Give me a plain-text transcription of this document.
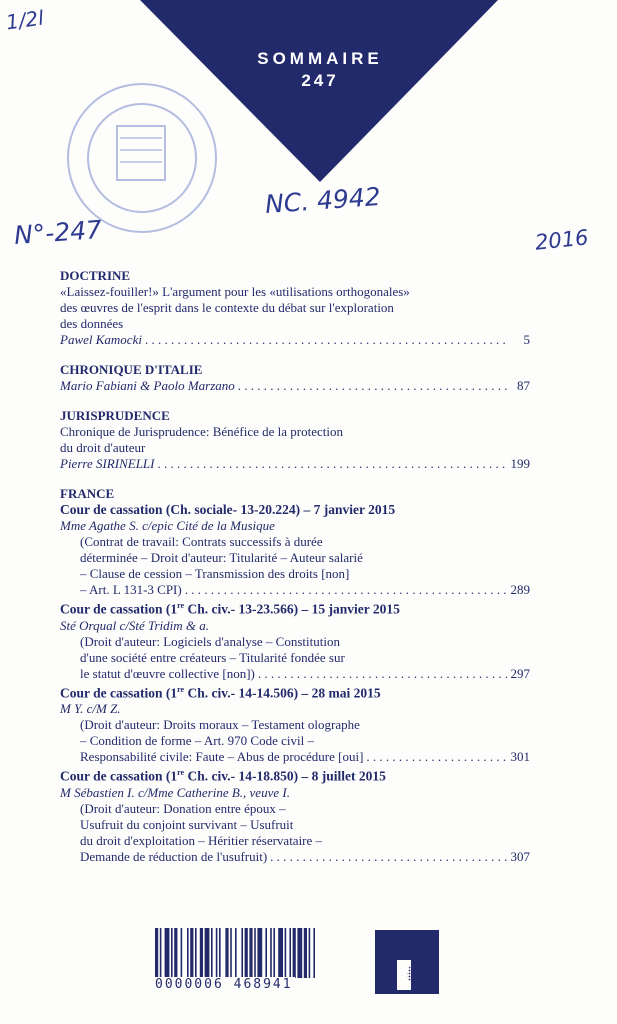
SOMMAIRE
247
1/2l
N°-247
NC. 4942
2016
DOCTRINE
«Laissez-fouiller!» L'argument pour les «utilisations orthogonales»
des œuvres de l'esprit dans le contexte du débat sur l'exploration
des données
Pawel Kamocki . . .	5
CHRONIQUE D'ITALIE
Mario Fabiani & Paolo Marzano . . .	87
JURISPRUDENCE
Chronique de Jurisprudence: Bénéfice de la protection
du droit d'auteur
Pierre SIRINELLI . . .	199
FRANCE
Cour de cassation (Ch. sociale- 13-20.224) – 7 janvier 2015
Mme Agathe S. c/epic Cité de la Musique
(Contrat de travail: Contrats successifs à durée
déterminée – Droit d'auteur: Titularité – Auteur salarié
– Clause de cession – Transmission des droits [non]
– Art. L 131-3 CPI) . . .	289
Cour de cassation (1re Ch. civ.- 13-23.566) – 15 janvier 2015
Sté Orqual c/Sté Tridim & a.
(Droit d'auteur: Logiciels d'analyse – Constitution
d'une société entre créateurs – Titularité fondée sur
le statut d'œuvre collective [non]) . . .	297
Cour de cassation (1re Ch. civ.- 14-14.506) – 28 mai 2015
M Y. c/M Z.
(Droit d'auteur: Droits moraux – Testament olographe
– Condition de forme – Art. 970 Code civil –
Responsabilité civile: Faute – Abus de procédure [oui] . . .	301
Cour de cassation (1re Ch. civ.- 14-18.850) – 8 juillet 2015
M Sébastien I. c/Mme Catherine B., veuve I.
(Droit d'auteur: Donation entre époux –
Usufruit du conjoint survivant – Usufruit
du droit d'exploitation – Héritier réservataire –
Demande de réduction de l'usufruit) . . .	307
0000006 468941
